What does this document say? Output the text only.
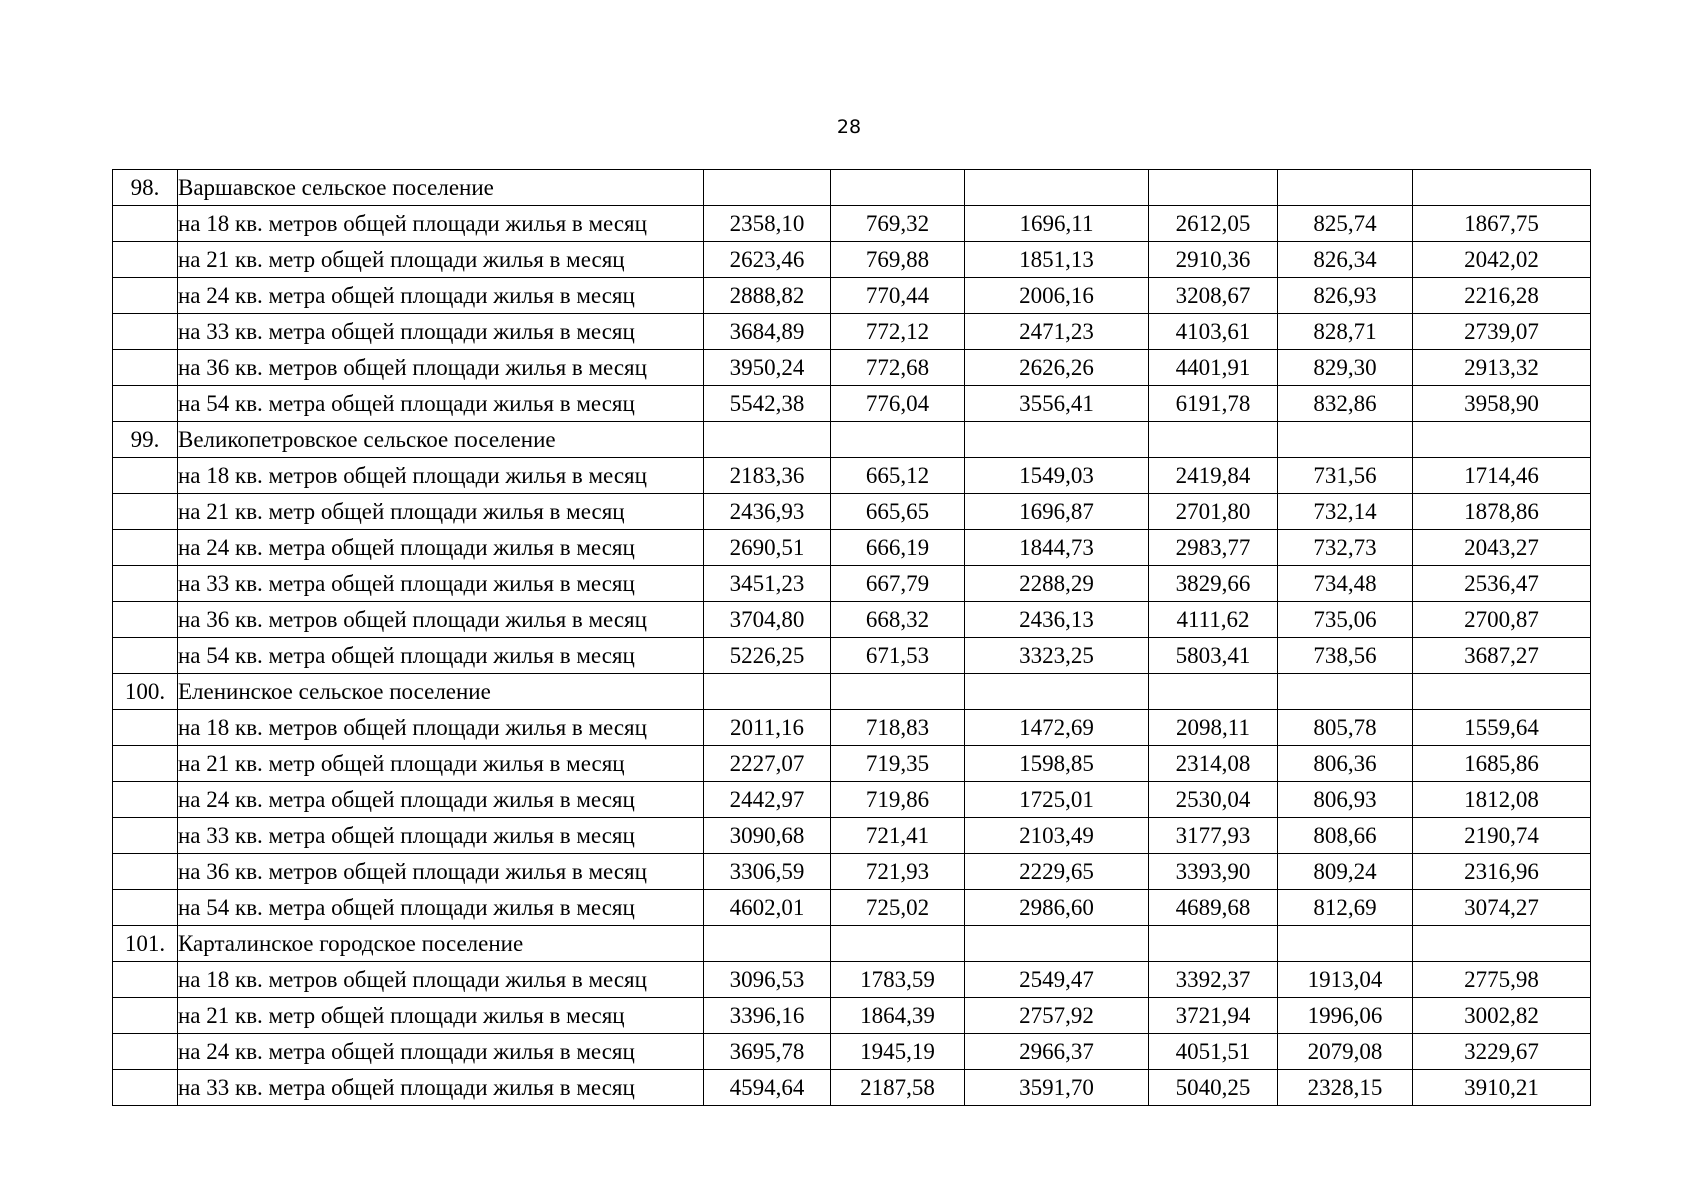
28
98.	Варшавское сельское поселение						
	на 18 кв. метров общей площади жилья в месяц	2358,10	769,32	1696,11	2612,05	825,74	1867,75
	на 21 кв. метр общей площади жилья в месяц	2623,46	769,88	1851,13	2910,36	826,34	2042,02
	на 24 кв. метра общей площади жилья в месяц	2888,82	770,44	2006,16	3208,67	826,93	2216,28
	на 33 кв. метра общей площади жилья в месяц	3684,89	772,12	2471,23	4103,61	828,71	2739,07
	на 36 кв. метров общей площади жилья в месяц	3950,24	772,68	2626,26	4401,91	829,30	2913,32
	на 54 кв. метра общей площади жилья в месяц	5542,38	776,04	3556,41	6191,78	832,86	3958,90
99.	Великопетровское сельское поселение						
	на 18 кв. метров общей площади жилья в месяц	2183,36	665,12	1549,03	2419,84	731,56	1714,46
	на 21 кв. метр общей площади жилья в месяц	2436,93	665,65	1696,87	2701,80	732,14	1878,86
	на 24 кв. метра общей площади жилья в месяц	2690,51	666,19	1844,73	2983,77	732,73	2043,27
	на 33 кв. метра общей площади жилья в месяц	3451,23	667,79	2288,29	3829,66	734,48	2536,47
	на 36 кв. метров общей площади жилья в месяц	3704,80	668,32	2436,13	4111,62	735,06	2700,87
	на 54 кв. метра общей площади жилья в месяц	5226,25	671,53	3323,25	5803,41	738,56	3687,27
100.	Еленинское сельское поселение						
	на 18 кв. метров общей площади жилья в месяц	2011,16	718,83	1472,69	2098,11	805,78	1559,64
	на 21 кв. метр общей площади жилья в месяц	2227,07	719,35	1598,85	2314,08	806,36	1685,86
	на 24 кв. метра общей площади жилья в месяц	2442,97	719,86	1725,01	2530,04	806,93	1812,08
	на 33 кв. метра общей площади жилья в месяц	3090,68	721,41	2103,49	3177,93	808,66	2190,74
	на 36 кв. метров общей площади жилья в месяц	3306,59	721,93	2229,65	3393,90	809,24	2316,96
	на 54 кв. метра общей площади жилья в месяц	4602,01	725,02	2986,60	4689,68	812,69	3074,27
101.	Карталинское городское поселение						
	на 18 кв. метров общей площади жилья в месяц	3096,53	1783,59	2549,47	3392,37	1913,04	2775,98
	на 21 кв. метр общей площади жилья в месяц	3396,16	1864,39	2757,92	3721,94	1996,06	3002,82
	на 24 кв. метра общей площади жилья в месяц	3695,78	1945,19	2966,37	4051,51	2079,08	3229,67
	на 33 кв. метра общей площади жилья в месяц	4594,64	2187,58	3591,70	5040,25	2328,15	3910,21
